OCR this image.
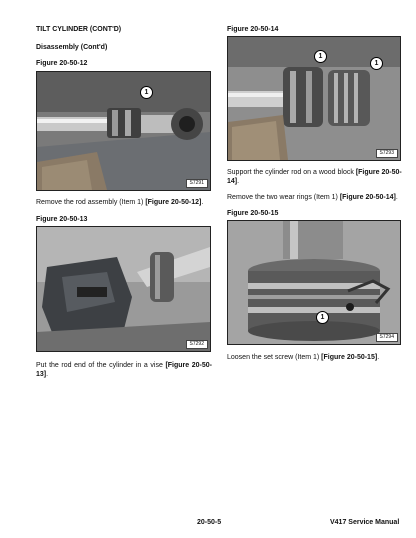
TILT CYLINDER (CONT'D)
Disassembly (Cont'd)
Figure 20-50-12
1
S7291
Remove the rod assembly (Item 1) [Figure 20-50-12].
Figure 20-50-13
S7292
Put the rod end of the cylinder in a vise [Figure 20-50-13].
Figure 20-50-14
1
1
S7293
Support the cylinder rod on a wood block [Figure 20-50-14].
Remove the two wear rings (Item 1) [Figure 20-50-14].
Figure 20-50-15
1
S7294
Loosen the set screw (Item 1) [Figure 20-50-15].
20-50-5	V417 Service Manual
